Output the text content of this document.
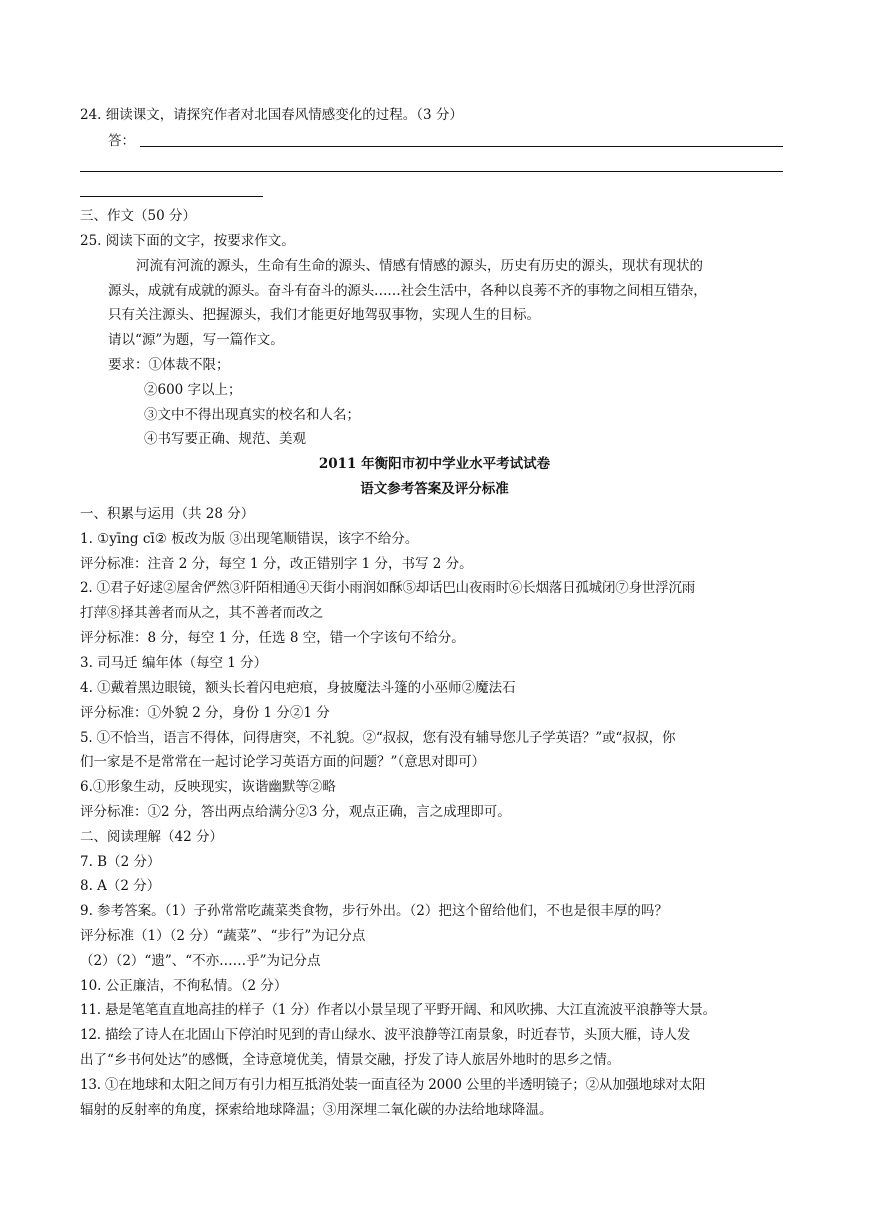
24. 细读课文，请探究作者对北国春风情感变化的过程。（3 分）
答：
三、作文（50 分）
25. 阅读下面的文字，按要求作文。
河流有河流的源头，生命有生命的源头、情感有情感的源头，历史有历史的源头，现状有现状的
源头，成就有成就的源头。奋斗有奋斗的源头……社会生活中，各种以良莠不齐的事物之间相互错杂，
只有关注源头、把握源头，我们才能更好地驾驭事物，实现人生的目标。
请以“源”为题，写一篇作文。
要求：①体裁不限；
②600 字以上；
③文中不得出现真实的校名和人名；
④书写要正确、规范、美观
2011 年衡阳市初中学业水平考试试卷
语文参考答案及评分标准
一、积累与运用（共 28 分）
1. ①yīng cī② 板改为版 ③出现笔顺错误，该字不给分。
评分标准：注音 2 分，每空 1 分，改正错别字 1 分，书写 2 分。
2. ①君子好逑②屋舍俨然③阡陌相通④天街小雨润如酥⑤却话巴山夜雨时⑥长烟落日孤城闭⑦身世浮沉雨
打萍⑧择其善者而从之，其不善者而改之
评分标准：8 分，每空 1 分，任选 8 空，错一个字该句不给分。
3. 司马迁 编年体（每空 1 分）
4. ①戴着黑边眼镜，额头长着闪电疤痕，身披魔法斗篷的小巫师②魔法石
评分标准：①外貌 2 分，身份 1 分②1 分
5. ①不恰当，语言不得体，问得唐突，不礼貌。②“叔叔，您有没有辅导您儿子学英语？”或“叔叔，你
们一家是不是常常在一起讨论学习英语方面的问题？”（意思对即可）
6.①形象生动，反映现实，诙谐幽默等②略
评分标准：①2 分，答出两点给满分②3 分，观点正确，言之成理即可。
二、阅读理解（42 分）
7. B（2 分）
8. A（2 分）
9. 参考答案。（1）子孙常常吃蔬菜类食物，步行外出。（2）把这个留给他们，不也是很丰厚的吗？
评分标准（1）（2 分）“蔬菜”、“步行”为记分点
（2）（2）“遗”、“不亦……乎”为记分点
10. 公正廉洁，不徇私情。（2 分）
11. 悬是笔笔直直地高挂的样子（1 分）作者以小景呈现了平野开阔、和风吹拂、大江直流波平浪静等大景。
12. 描绘了诗人在北固山下停泊时见到的青山绿水、波平浪静等江南景象，时近春节，头顶大雁，诗人发
出了“乡书何处达”的感慨，全诗意境优美，情景交融，抒发了诗人旅居外地时的思乡之情。
13. ①在地球和太阳之间万有引力相互抵消处装一面直径为 2000 公里的半透明镜子；②从加强地球对太阳
辐射的反射率的角度，探索给地球降温；③用深埋二氧化碳的办法给地球降温。
